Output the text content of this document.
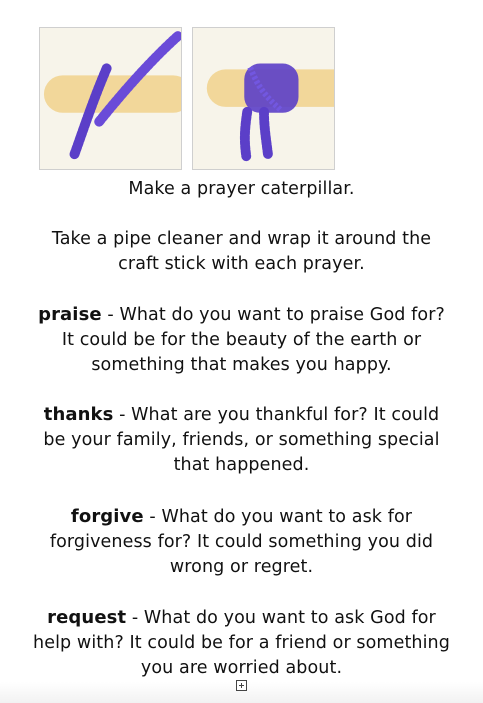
Make a prayer caterpillar.
Take a pipe cleaner and wrap it around the craft stick with each prayer.
praise - What do you want to praise God for? It could be for the beauty of the earth or something that makes you happy.
thanks - What are you thankful for? It could be your family, friends, or something special that happened.
forgive - What do you want to ask for forgiveness for? It could something you did wrong or regret.
request - What do you want to ask God for help with? It could be for a friend or something you are worried about.
